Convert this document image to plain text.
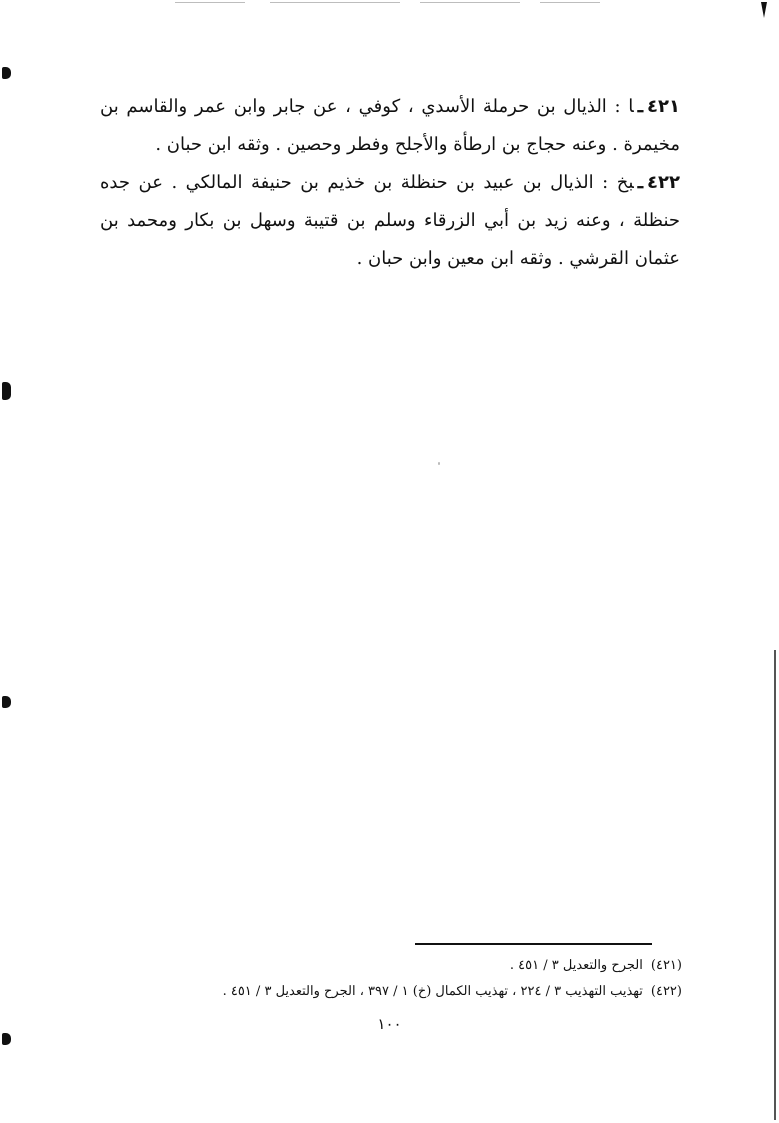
٤٢١ـا : الذيال بن حرملة الأسدي ، كوفي ، عن جابر وابن عمر والقاسم بن مخيمرة . وعنه حجاج بن ارطأة والأجلح وفطر وحصين . وثقه ابن حبان .

٤٢٢ـبخ : الذيال بن عبيد بن حنظلة بن خذيم بن حنيفة المالكي . عن جده حنظلة ، وعنه زيد بن أبي الزرقاء وسلم بن قتيبة وسهل بن بكار ومحمد بن عثمان القرشي . وثقه ابن معين وابن حبان .

(٤٢١)الجرح والتعديل ٣ / ٤٥١ .

(٤٢٢)تهذيب التهذيب ٣ / ٢٢٤ ، تهذيب الكمال (خ) ١ / ٣٩٧ ، الجرح والتعديل ٣ / ٤٥١ .

١٠٠
